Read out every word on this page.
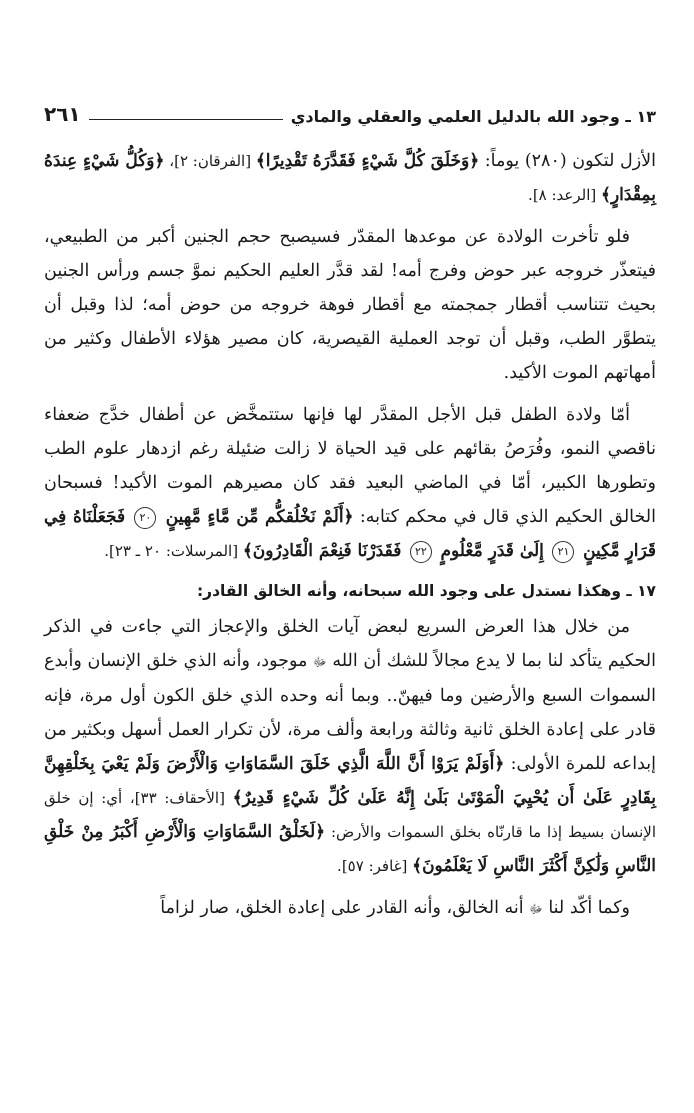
١٣ ـ وجود الله بالدليل العلمي والعقلي والمادي
٢٦١

الأزل لتكون (٢٨٠) يوماً: ﴿وَخَلَقَ كُلَّ شَيْءٍ فَقَدَّرَهُ تَقْدِيرًا﴾ [الفرقان: ٢]، ﴿وَكُلُّ شَيْءٍ عِندَهُ بِمِقْدَارٍ﴾ [الرعد: ٨].

فلو تأخرت الولادة عن موعدها المقدّر فسيصبح حجم الجنين أكبر من الطبيعي، فيتعذّر خروجه عبر حوض وفرج أمه! لقد قدَّر العليم الحكيم نموَّ جسم ورأس الجنين بحيث تتناسب أقطار جمجمته مع أقطار فوهة خروجه من حوض أمه؛ لذا وقبل أن يتطوَّر الطب، وقبل أن توجد العملية القيصرية، كان مصير هؤلاء الأطفال وكثير من أمهاتهم الموت الأكيد.

أمّا ولادة الطفل قبل الأجل المقدَّر لها فإنها ستتمخَّض عن أطفال خدَّج ضعفاء ناقصي النمو، وفُرَصُ بقائهم على قيد الحياة لا زالت ضئيلة رغم ازدهار علوم الطب وتطورها الكبير، أمّا في الماضي البعيد فقد كان مصيرهم الموت الأكيد! فسبحان الخالق الحكيم الذي قال في محكم كتابه: ﴿أَلَمْ نَخْلُقكُّم مِّن مَّاءٍ مَّهِينٍ ٢٠ فَجَعَلْنَاهُ فِي قَرَارٍ مَّكِينٍ ٢١ إِلَىٰ قَدَرٍ مَّعْلُومٍ ٢٢ فَقَدَرْنَا فَنِعْمَ الْقَادِرُونَ﴾ [المرسلات: ٢٠ ـ ٢٣].

١٧ ـ وهكذا نستدل على وجود الله سبحانه، وأنه الخالق القادر:

من خلال هذا العرض السريع لبعض آيات الخلق والإعجاز التي جاءت في الذكر الحكيم يتأكد لنا بما لا يدع مجالاً للشك أن الله ﷻ موجود، وأنه الذي خلق الإنسان وأبدع السموات السبع والأرضين وما فيهنّ.. وبما أنه وحده الذي خلق الكون أول مرة، فإنه قادر على إعادة الخلق ثانية وثالثة ورابعة وألف مرة، لأن تكرار العمل أسهل وبكثير من إبداعه للمرة الأولى: ﴿أَوَلَمْ يَرَوْا أَنَّ اللَّهَ الَّذِي خَلَقَ السَّمَاوَاتِ وَالْأَرْضَ وَلَمْ يَعْيَ بِخَلْقِهِنَّ بِقَادِرٍ عَلَىٰ أَن يُحْيِيَ الْمَوْتَىٰ بَلَىٰ إِنَّهُ عَلَىٰ كُلِّ شَيْءٍ قَدِيرٌ﴾ [الأحقاف: ٣٣]، أي: إن خلق الإنسان بسيط إذا ما قارنّاه بخلق السموات والأرض: ﴿لَخَلْقُ السَّمَاوَاتِ وَالْأَرْضِ أَكْبَرُ مِنْ خَلْقِ النَّاسِ وَلَٰكِنَّ أَكْثَرَ النَّاسِ لَا يَعْلَمُونَ﴾ [غافر: ٥٧].

وكما أكّد لنا ﷻ أنه الخالق، وأنه القادر على إعادة الخلق، صار لزاماً
